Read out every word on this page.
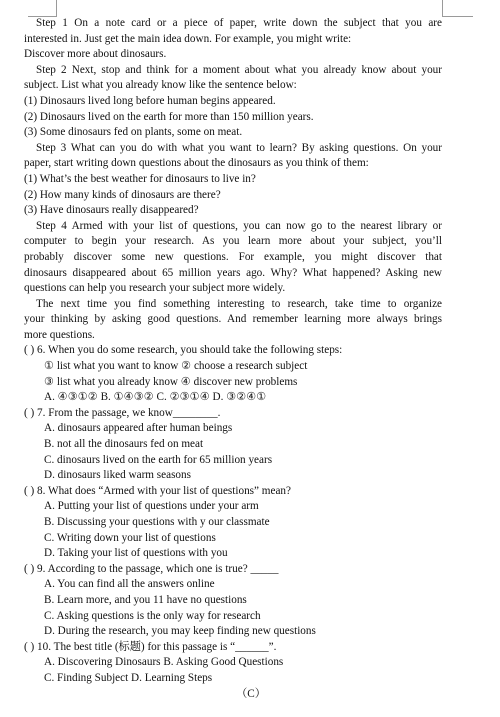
Step 1 On a note card or a piece of paper, write down the subject that you are
interested in. Just get the main idea down. For example, you might write:
Discover more about dinosaurs.
Step 2 Next, stop and think for a moment about what you already know about your
subject. List what you already know like the sentence below:
(1) Dinosaurs lived long before human begins appeared.
(2) Dinosaurs lived on the earth for more than 150 million years.
(3) Some dinosaurs fed on plants, some on meat.
Step 3 What can you do with what you want to learn? By asking questions. On your
paper, start writing down questions about the dinosaurs as you think of them:
(1) What’s the best weather for dinosaurs to live in?
(2) How many kinds of dinosaurs are there?
(3) Have dinosaurs really disappeared?
Step 4 Armed with your list of questions, you can now go to the nearest library or
computer to begin your research. As you learn more about your subject, you’ll
probably discover some new questions. For example, you might discover that
dinosaurs disappeared about 65 million years ago. Why? What happened? Asking new
questions can help you research your subject more widely.
The next time you find something interesting to research, take time to organize
your thinking by asking good questions. And remember learning more always brings
more questions.
( ) 6. When you do some research, you should take the following steps:
① list what you want to know ② choose a research subject
③ list what you already know ④ discover new problems
A. ④③①② B. ①④③② C. ②③①④ D. ③②④①
( ) 7. From the passage, we know________.
A. dinosaurs appeared after human beings
B. not all the dinosaurs fed on meat
C. dinosaurs lived on the earth for 65 million years
D. dinosaurs liked warm seasons
( ) 8. What does “Armed with your list of questions” mean?
A. Putting your list of questions under your arm
B. Discussing your questions with y our classmate
C. Writing down your list of questions
D. Taking your list of questions with you
( ) 9. According to the passage, which one is true? _____
A. You can find all the answers online
B. Learn more, and you 11 have no questions
C. Asking questions is the only way for research
D. During the research, you may keep finding new questions
( ) 10. The best title (标题) for this passage is “______”.
A. Discovering Dinosaurs B. Asking Good Questions
C. Finding Subject D. Learning Steps
（C）
